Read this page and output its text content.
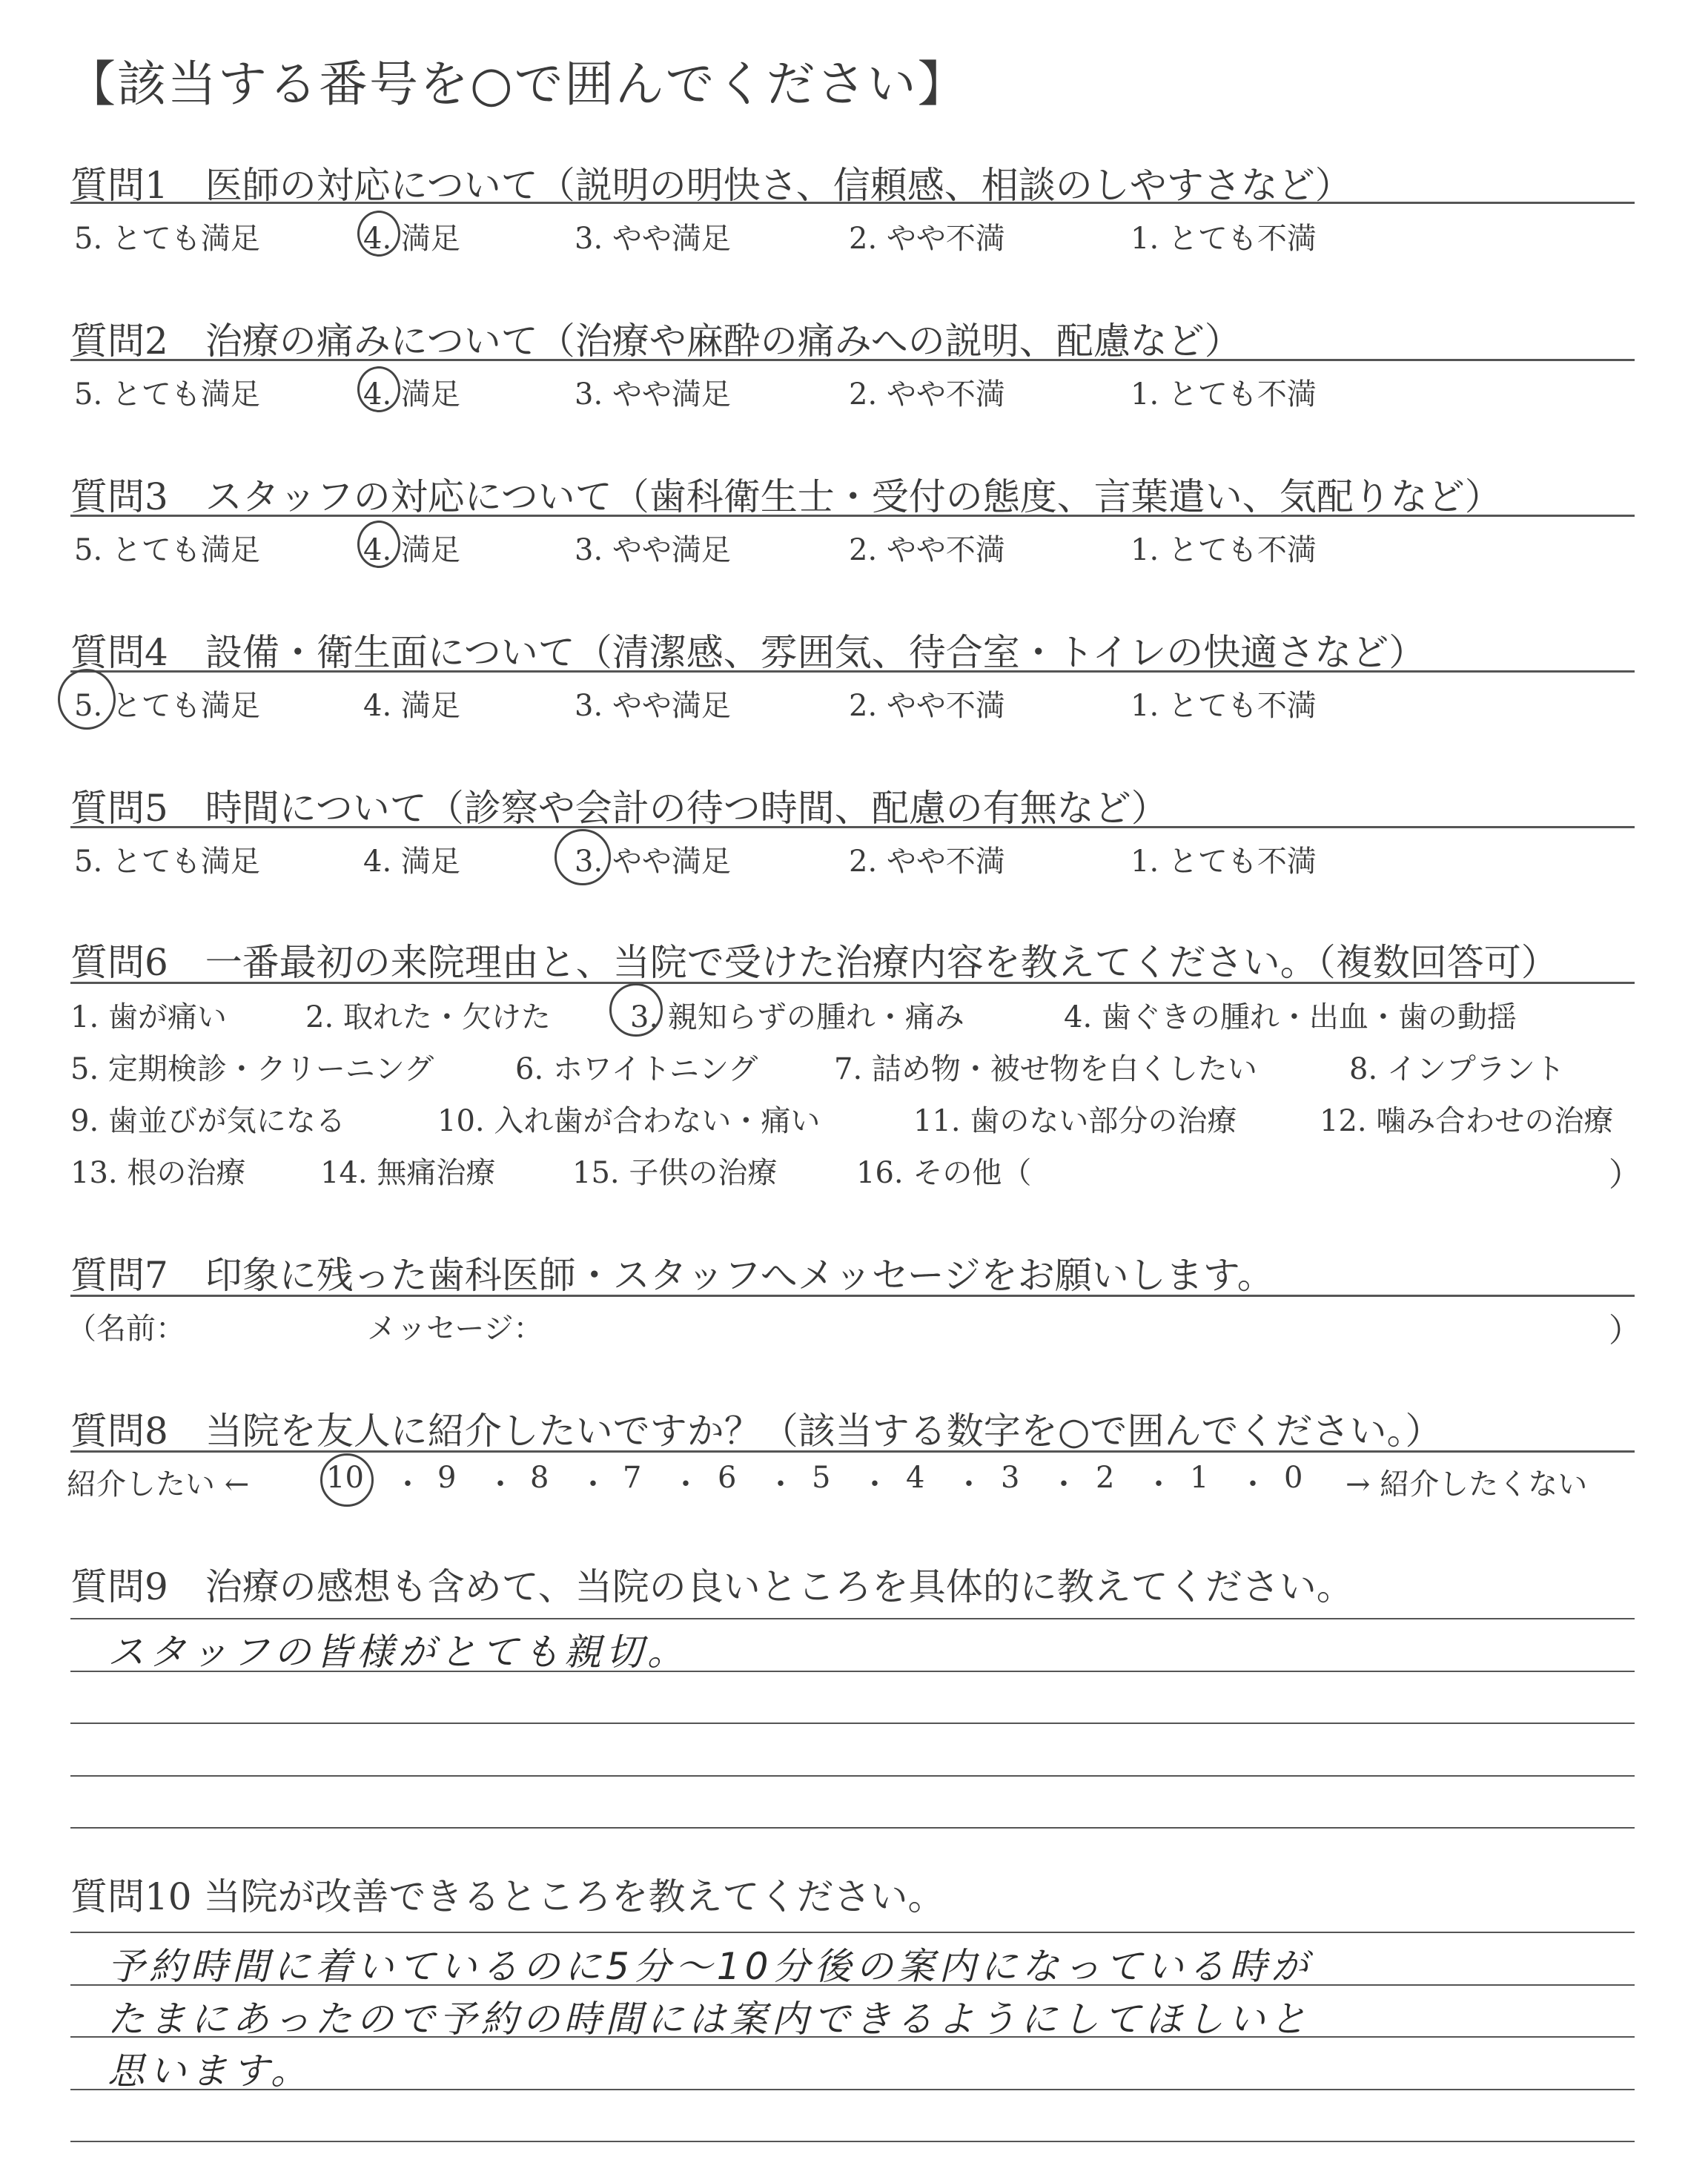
【該当する番号を○で囲んでください】
質問1　医師の対応について（説明の明快さ、信頼感、相談のしやすさなど）
5. とても満足	4. 満足	3. やや満足	2. やや不満	1. とても不満
質問2　治療の痛みについて（治療や麻酔の痛みへの説明、配慮など）
5. とても満足	4. 満足	3. やや満足	2. やや不満	1. とても不満
質問3　スタッフの対応について（歯科衛生士・受付の態度、言葉遣い、気配りなど）
5. とても満足	4. 満足	3. やや満足	2. やや不満	1. とても不満
質問4　設備・衛生面について（清潔感、雰囲気、待合室・トイレの快適さなど）
5. とても満足	4. 満足	3. やや満足	2. やや不満	1. とても不満
質問5　時間について（診察や会計の待つ時間、配慮の有無など）
5. とても満足	4. 満足	3. やや満足	2. やや不満	1. とても不満
質問6　一番最初の来院理由と、当院で受けた治療内容を教えてください。（複数回答可）
1. 歯が痛い	2. 取れた・欠けた	3. 親知らずの腫れ・痛み	4. 歯ぐきの腫れ・出血・歯の動揺
5. 定期検診・クリーニング	6. ホワイトニング	7. 詰め物・被せ物を白くしたい	8. インプラント
9. 歯並びが気になる	10. 入れ歯が合わない・痛い	11. 歯のない部分の治療	12. 噛み合わせの治療
13. 根の治療	14. 無痛治療	15. 子供の治療	16. その他（	）
質問7　印象に残った歯科医師・スタッフへメッセージをお願いします。
（名前：	メッセージ：	）
質問8　当院を友人に紹介したいですか？（該当する数字を○で囲んでください。）
紹介したい ←	10 ・ 9 ・ 8 ・ 7 ・ 6 ・ 5 ・ 4 ・ 3 ・ 2 ・ 1 ・ 0 → 紹介したくない
質問9　治療の感想も含めて、当院の良いところを具体的に教えてください。
スタッフの皆様がとても親切。
質問10 当院が改善できるところを教えてください。
予約時間に着いているのに5分～10分後の案内になっている時が
たまにあったので予約の時間には案内できるようにしてほしいと
思います。
